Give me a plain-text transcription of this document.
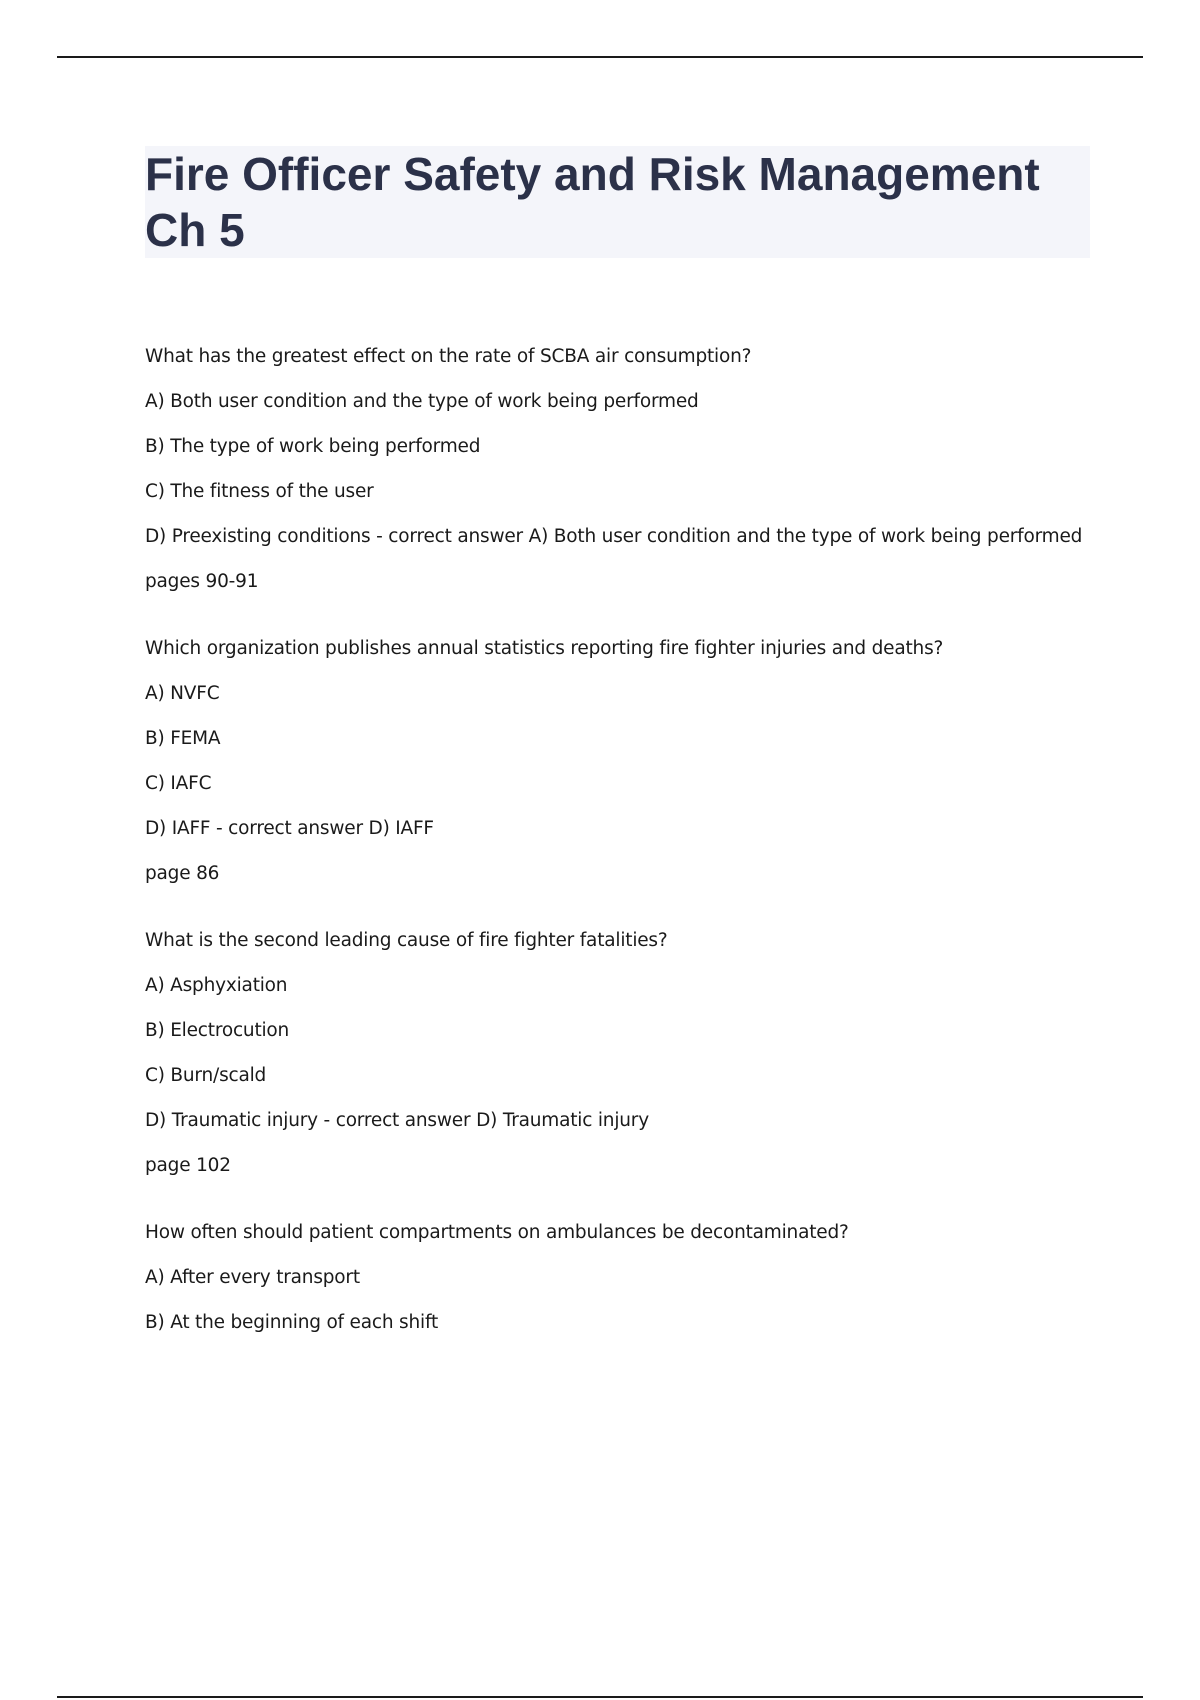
Fire Officer Safety and Risk Management Ch 5

What has the greatest effect on the rate of SCBA air consumption?

A) Both user condition and the type of work being performed

B) The type of work being performed

C) The fitness of the user

D) Preexisting conditions - correct answer A) Both user condition and the type of work being performed

pages 90-91

Which organization publishes annual statistics reporting fire fighter injuries and deaths?

A) NVFC

B) FEMA

C) IAFC

D) IAFF - correct answer D) IAFF

page 86

What is the second leading cause of fire fighter fatalities?

A) Asphyxiation

B) Electrocution

C) Burn/scald

D) Traumatic injury - correct answer D) Traumatic injury

page 102

How often should patient compartments on ambulances be decontaminated?

A) After every transport

B) At the beginning of each shift
